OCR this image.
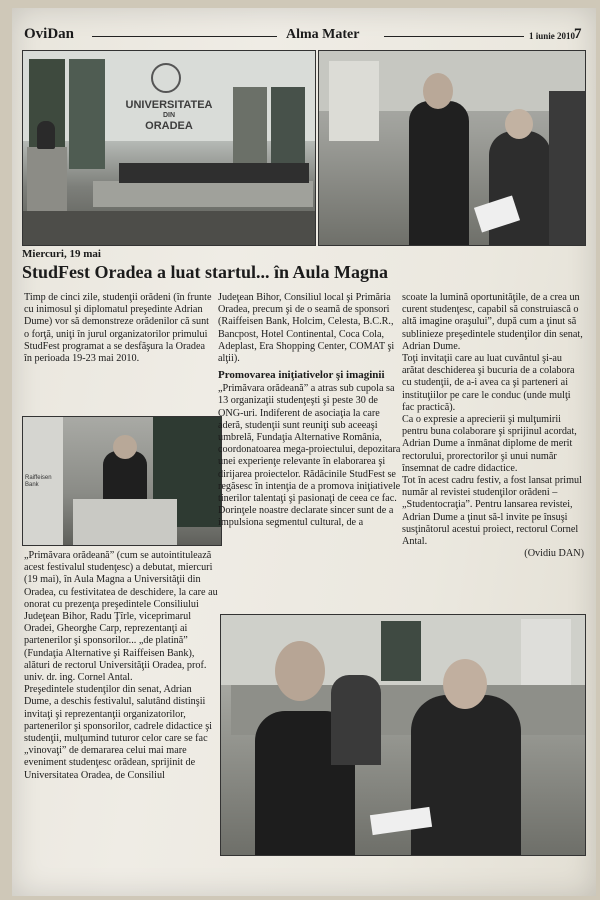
OviDan	Alma Mater	1 iunie 2010
7
UNIVERSITATEA
DIN
ORADEA
Miercuri, 19 mai
StudFest Oradea a luat startul... în Aula Magna

Timp de cinci zile, studenţii orădeni (în frunte cu inimosul şi diplomatul preşedinte Adrian Dume) vor să demonstreze orădenilor că sunt o forţă, uniţi în jurul organizatorilor primului StudFest programat a se desfăşura la Oradea în perioada 19-23 mai 2010.

Raiffeisen Bank

„Primăvara orădeană” (cum se autointitulează acest festivalul studenţesc) a debutat, miercuri (19 mai), în Aula Magna a Universităţii din Oradea, cu festivitatea de deschidere, la care au onorat cu prezenţa preşedintele Consiliului Judeţean Bihor, Radu Ţîrle, viceprimarul Oradei, Gheorghe Carp, reprezentanţi ai partenerilor şi sponsorilor... „de platină” (Fundaţia Alternative şi Raiffeisen Bank), alături de rectorul Universităţii Oradea, prof. univ. dr. ing. Cornel Antal.

Preşedintele studenţilor din senat, Adrian Dume, a deschis festivalul, salutând distinşii invitaţi şi reprezentanţii organizatorilor, partenerilor şi sponsorilor, cadrele didactice şi studenţii, mulţumind tuturor celor care se fac „vinovaţi” de demararea celui mai mare eveniment studenţesc orădean, sprijinit de Universitatea Oradea, de Consiliul

Judeţean Bihor, Consiliul local şi Primăria Oradea, precum şi de o seamă de sponsori (Raiffeisen Bank, Holcim, Celesta, B.C.R., Bancpost, Hotel Continental, Coca Cola, Adeplast, Era Shopping Center, COMAT şi alţii).

Promovarea iniţiativelor şi imaginii

„Primăvara orădeană” a atras sub cupola sa 13 organizaţii studenţeşti şi peste 30 de ONG-uri. Indiferent de asociaţia la care aderă, studenţii sunt reuniţi sub aceeaşi umbrelă, Fundaţia Alternative România, coordonatoarea mega-proiectului, depozitara unei experienţe relevante în elaborarea şi dirijarea proiectelor. Rădăcinile StudFest se regăsesc în intenţia de a promova iniţiativele tinerilor talentaţi şi pasionaţi de ceea ce fac. Dorinţele noastre declarate sincer sunt de a impulsiona segmentul cultural, de a

scoate la lumină oportunităţile, de a crea un curent studenţesc, capabil să construiască o altă imagine oraşului”, după cum a ţinut să sublinieze preşedintele studenţilor din senat, Adrian Dume.

Toţi invitaţii care au luat cuvântul şi-au arătat deschiderea şi bucuria de a colabora cu studenţii, de a-i avea ca şi parteneri ai instituţiilor pe care le conduc (unde mulţi fac practică).

Ca o expresie a aprecierii şi mulţumirii pentru buna colaborare şi sprijinul acordat, Adrian Dume a înmânat diplome de merit rectorului, prorectorilor şi unui număr însemnat de cadre didactice.

Tot în acest cadru festiv, a fost lansat primul număr al revistei studenţilor orădeni – „Studentocraţia”. Pentru lansarea revistei, Adrian Dume a ţinut să-l invite pe însuşi susţinătorul acestui proiect, rectorul Cornel Antal.

(Ovidiu DAN)
